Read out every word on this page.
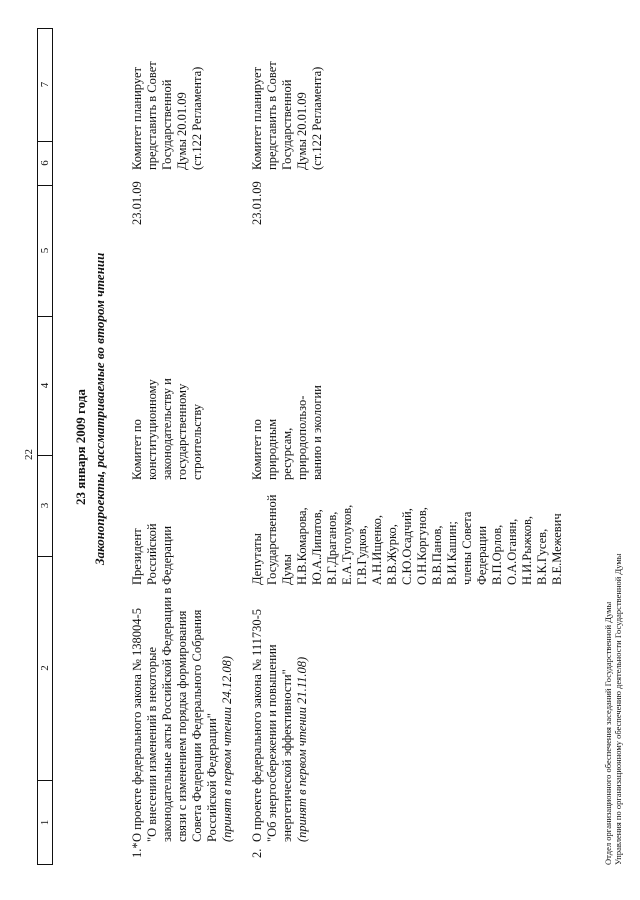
22
1
2
3
4
5
6
7
23 января 2009 года Законопроекты, рассматриваемые во втором чтении
1.*
О проекте федерального закона № 138004-5
"О внесении изменений в некоторые
законодательные акты Российской Федерации в
связи с изменением порядка формирования
Совета Федерации Федерального Собрания
Российской Федерации" (принят в первом чтении 24.12.08)
Президент
Российской
Федерации
Комитет по
конституционному
законодательству и
государственному
строительству
23.01.09
Комитет планирует
представить в Совет
Государственной
Думы 20.01.09
(ст.122 Регламента)
2.
О проекте федерального закона № 111730-5
"Об энергосбережении и повышении
энергетической эффективности" (принят в первом чтении 21.11.08)
Депутаты
Государственной
Думы
Н.В.Комарова,
Ю.А.Липатов,
В.Г.Драганов,
Е.А.Туголуков,
Г.В.Гудков,
А.Н.Ищенко,
В.В.Журко,
С.Ю.Осадчий,
О.Н.Коргунов,
В.В.Панов,
В.И.Кашин;
члены Совета
Федерации
В.П.Орлов,
О.А.Оганян,
Н.И.Рыжков,
В.К.Гусев,
В.Е.Межевич
Комитет по
природным
ресурсам,
природопользо-
ванию и экологии
23.01.09
Комитет планирует
представить в Совет
Государственной
Думы 20.01.09
(ст.122 Регламента)
Отдел организационного обеспечения заседаний Государственной Думы Управления по организационному обеспечению деятельности Государственной Думы
